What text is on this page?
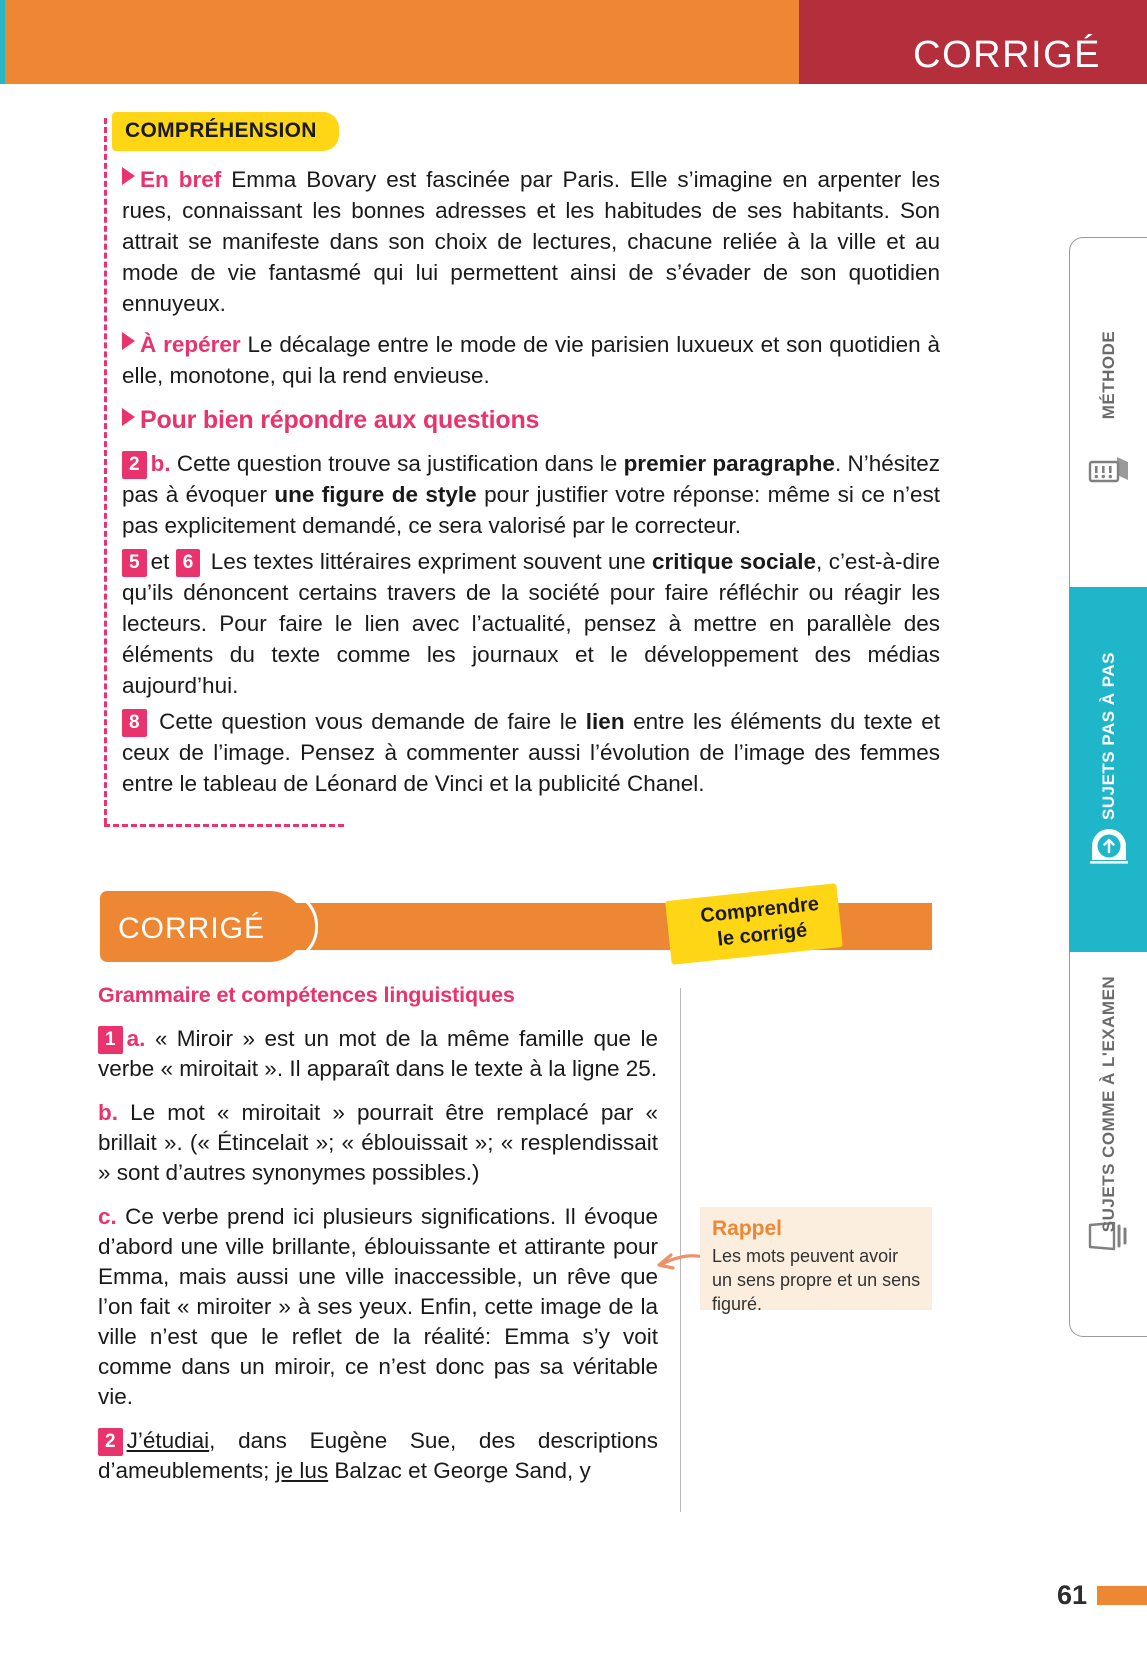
CORRIGÉ
MÉTHODE
SUJETS PAS À PAS
SUJETS COMME À L'EXAMEN
COMPRÉHENSION

En bref Emma Bovary est fascinée par Paris. Elle s’imagine en arpenter les rues, connaissant les bonnes adresses et les habitudes de ses habitants. Son attrait se manifeste dans son choix de lectures, chacune reliée à la ville et au mode de vie fantasmé qui lui permettent ainsi de s’évader de son quotidien ennuyeux.

À repérer Le décalage entre le mode de vie parisien luxueux et son quotidien à elle, monotone, qui la rend envieuse.

Pour bien répondre aux questions

2 b. Cette question trouve sa justification dans le premier paragraphe. N’hésitez pas à évoquer une figure de style pour justifier votre réponse: même si ce n’est pas explicitement demandé, ce sera valorisé par le correcteur.

5 et 6 Les textes littéraires expriment souvent une critique sociale, c’est-à-dire qu’ils dénoncent certains travers de la société pour faire réfléchir ou réagir les lecteurs. Pour faire le lien avec l’actualité, pensez à mettre en parallèle des éléments du texte comme les journaux et le développement des médias aujourd’hui.

8 Cette question vous demande de faire le lien entre les éléments du texte et ceux de l’image. Pensez à commenter aussi l’évolution de l’image des femmes entre le tableau de Léonard de Vinci et la publicité Chanel.

CORRIGÉ
Comprendre
le corrigé

Grammaire et compétences linguistiques

1 a. « Miroir » est un mot de la même famille que le verbe « miroitait ». Il apparaît dans le texte à la ligne 25.

b. Le mot « miroitait » pourrait être remplacé par « brillait ». (« Étincelait »; « éblouissait »; « resplendissait » sont d’autres synonymes possibles.)

c. Ce verbe prend ici plusieurs significations. Il évoque d’abord une ville brillante, éblouissante et attirante pour Emma, mais aussi une ville inaccessible, un rêve que l’on fait « miroiter » à ses yeux. Enfin, cette image de la ville n’est que le reflet de la réalité: Emma s’y voit comme dans un miroir, ce n’est donc pas sa véritable vie.

2 J’étudiai, dans Eugène Sue, des descriptions d’ameublements; je lus Balzac et George Sand, y

Rappel
Les mots peuvent avoir un sens propre et un sens figuré.
61
